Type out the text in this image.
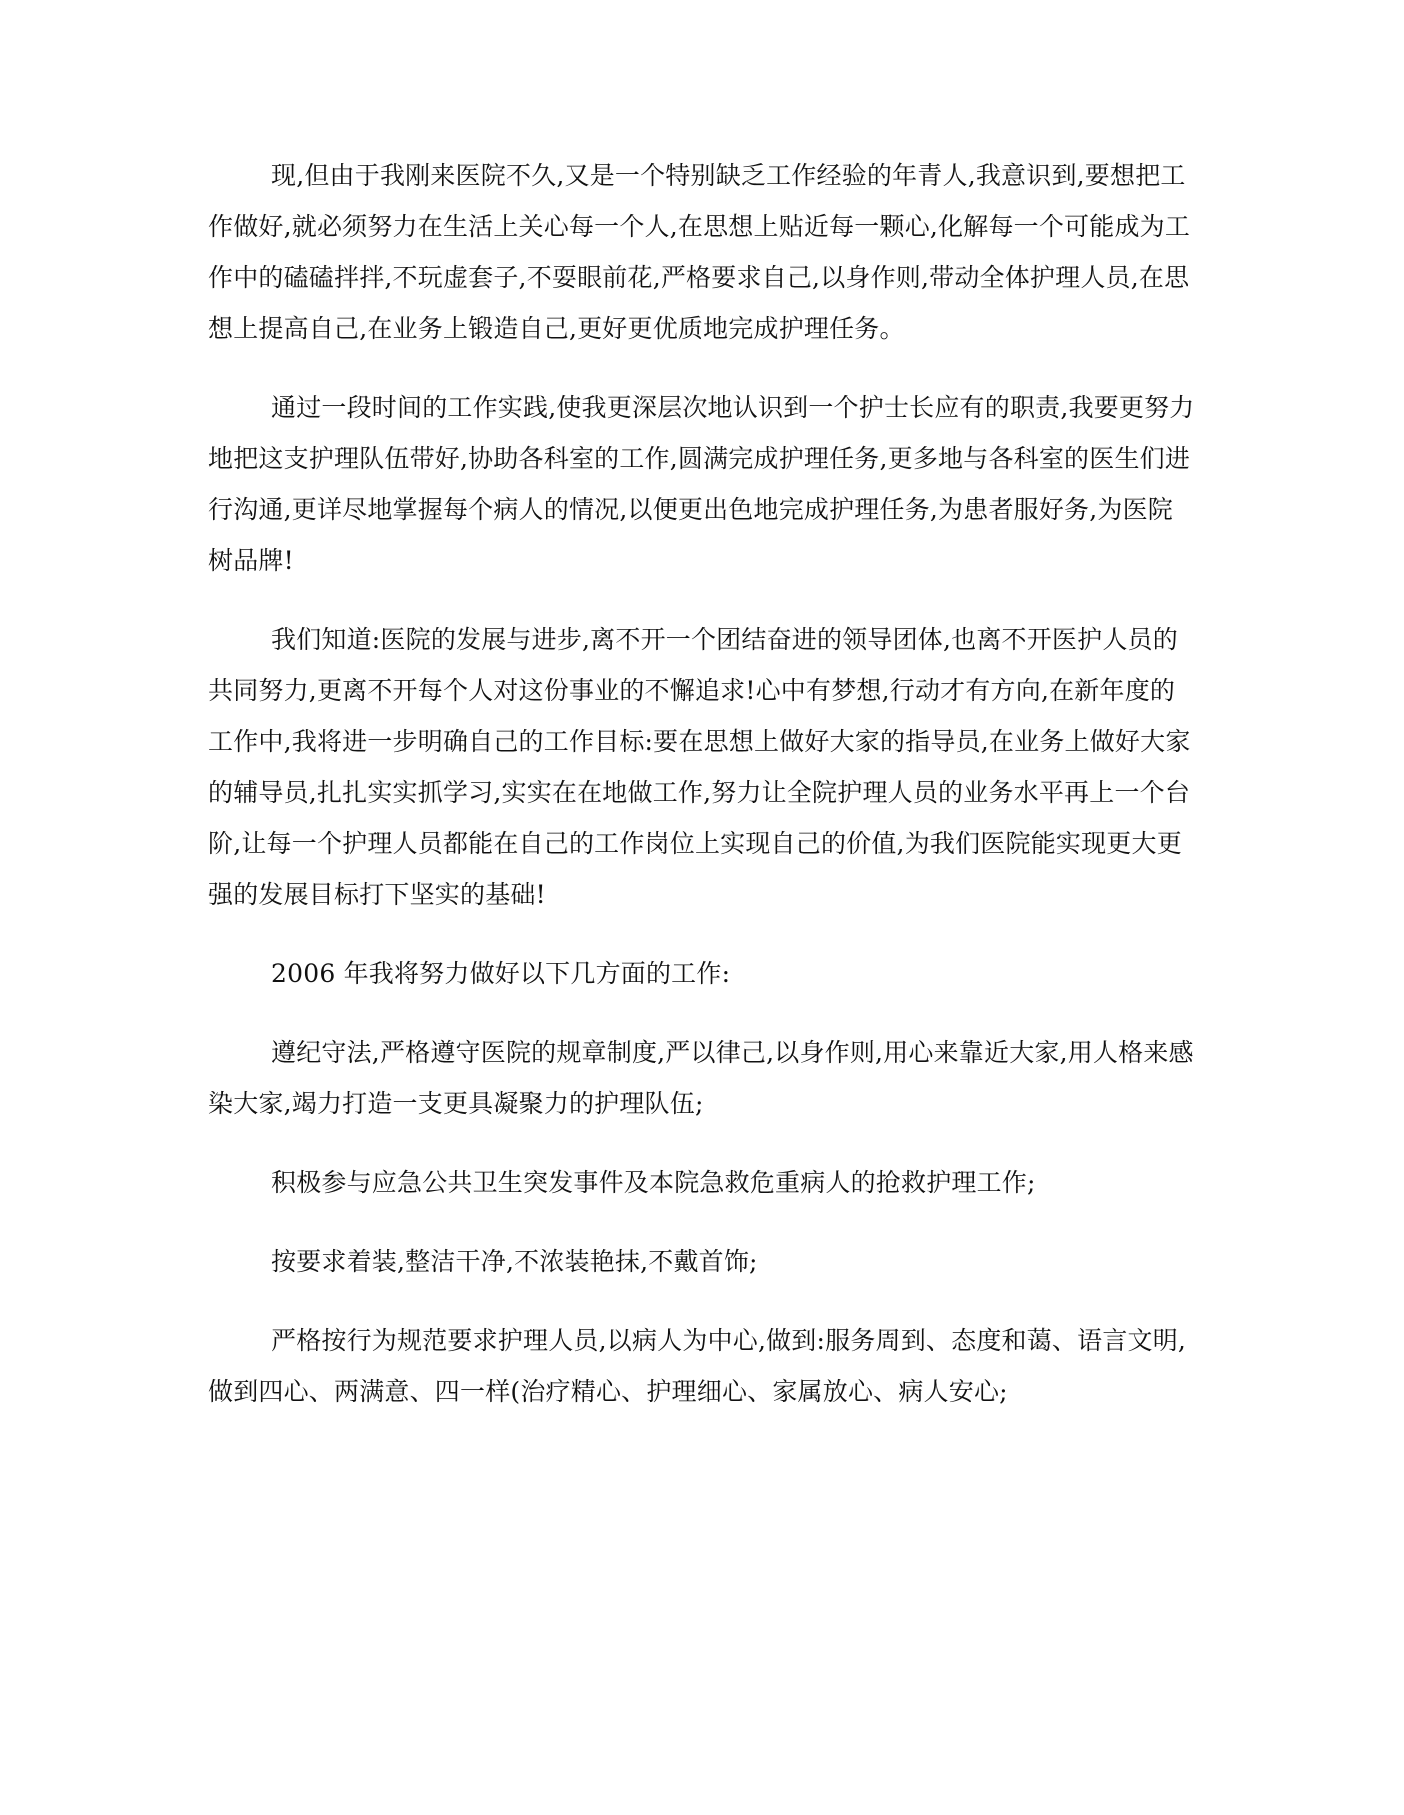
现,但由于我刚来医院不久,又是一个特别缺乏工作经验的年青人,我意识到,要想把工作做好,就必须努力在生活上关心每一个人,在思想上贴近每一颗心,化解每一个可能成为工作中的磕磕拌拌,不玩虚套子,不耍眼前花,严格要求自己,以身作则,带动全体护理人员,在思想上提高自己,在业务上锻造自己,更好更优质地完成护理任务。

通过一段时间的工作实践,使我更深层次地认识到一个护士长应有的职责,我要更努力地把这支护理队伍带好,协助各科室的工作,圆满完成护理任务,更多地与各科室的医生们进行沟通,更详尽地掌握每个病人的情况,以便更出色地完成护理任务,为患者服好务,为医院树品牌!

我们知道:医院的发展与进步,离不开一个团结奋进的领导团体,也离不开医护人员的共同努力,更离不开每个人对这份事业的不懈追求!心中有梦想,行动才有方向,在新年度的工作中,我将进一步明确自己的工作目标:要在思想上做好大家的指导员,在业务上做好大家的辅导员,扎扎实实抓学习,实实在在地做工作,努力让全院护理人员的业务水平再上一个台阶,让每一个护理人员都能在自己的工作岗位上实现自己的价值,为我们医院能实现更大更强的发展目标打下坚实的基础!

2006 年我将努力做好以下几方面的工作:

遵纪守法,严格遵守医院的规章制度,严以律己,以身作则,用心来靠近大家,用人格来感染大家,竭力打造一支更具凝聚力的护理队伍;

积极参与应急公共卫生突发事件及本院急救危重病人的抢救护理工作;

按要求着装,整洁干净,不浓装艳抹,不戴首饰;

严格按行为规范要求护理人员,以病人为中心,做到:服务周到、态度和蔼、语言文明,做到四心、两满意、四一样(治疗精心、护理细心、家属放心、病人安心;
